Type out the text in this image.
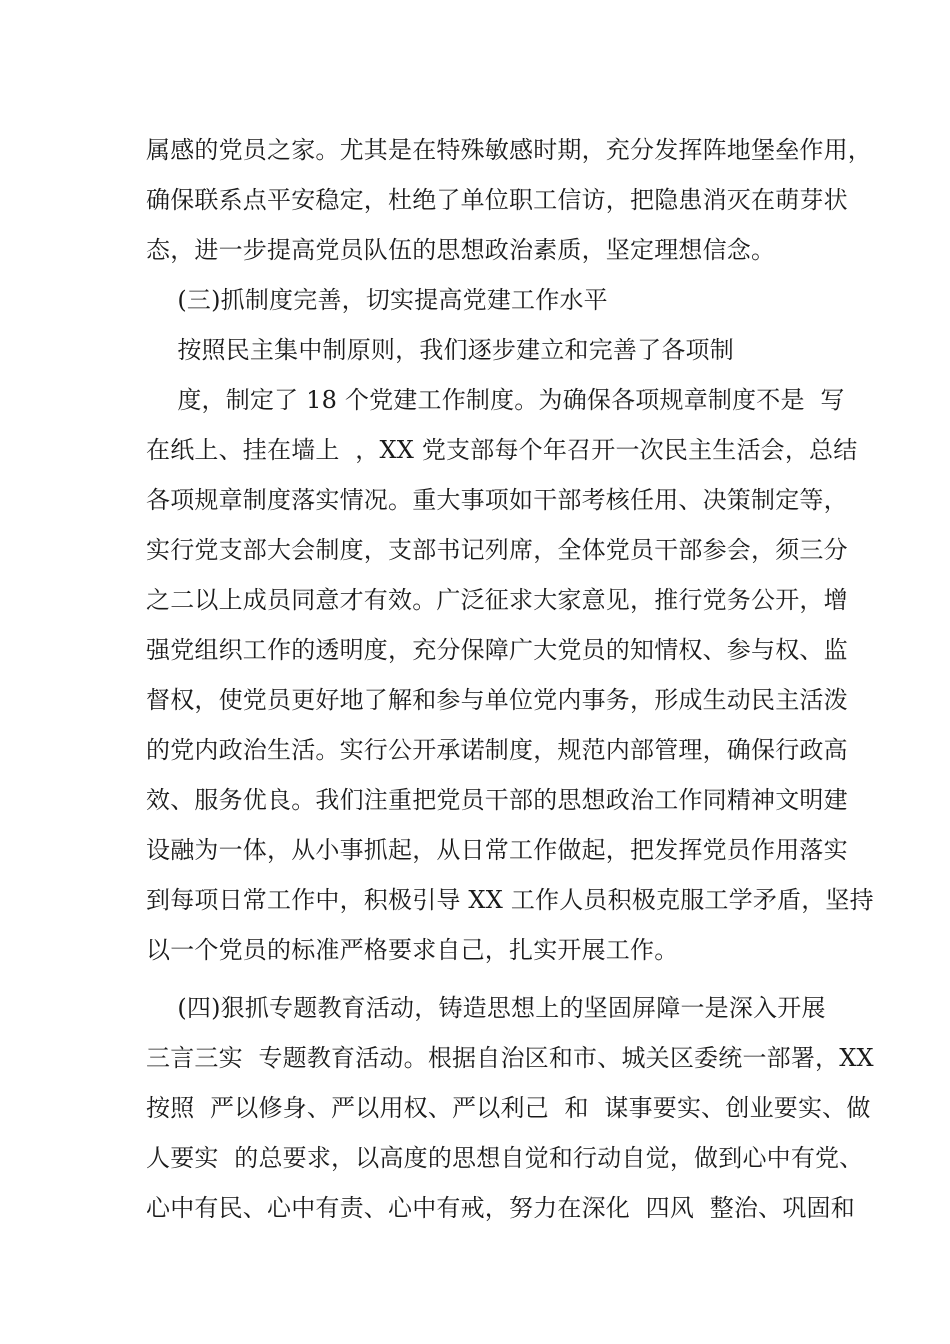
属感的党员之家。尤其是在特殊敏感时期，充分发挥阵地堡垒作用，
确保联系点平安稳定，杜绝了单位职工信访，把隐患消灭在萌芽状
态，进一步提高党员队伍的思想政治素质，坚定理想信念。
(三)抓制度完善，切实提高党建工作水平
按照民主集中制原则，我们逐步建立和完善了各项制
度，制定了 18 个党建工作制度。为确保各项规章制度不是  写
在纸上、挂在墙上  ，XX 党支部每个年召开一次民主生活会，总结
各项规章制度落实情况。重大事项如干部考核任用、决策制定等，
实行党支部大会制度，支部书记列席，全体党员干部参会，须三分
之二以上成员同意才有效。广泛征求大家意见，推行党务公开，增
强党组织工作的透明度，充分保障广大党员的知情权、参与权、监
督权，使党员更好地了解和参与单位党内事务，形成生动民主活泼
的党内政治生活。实行公开承诺制度，规范内部管理，确保行政高
效、服务优良。我们注重把党员干部的思想政治工作同精神文明建
设融为一体，从小事抓起，从日常工作做起，把发挥党员作用落实
到每项日常工作中，积极引导 XX 工作人员积极克服工学矛盾，坚持
以一个党员的标准严格要求自己，扎实开展工作。
(四)狠抓专题教育活动，铸造思想上的坚固屏障一是深入开展
三言三实  专题教育活动。根据自治区和市、城关区委统一部署，XX
按照  严以修身、严以用权、严以利己  和  谋事要实、创业要实、做
人要实  的总要求，以高度的思想自觉和行动自觉，做到心中有党、
心中有民、心中有责、心中有戒，努力在深化  四风  整治、巩固和
